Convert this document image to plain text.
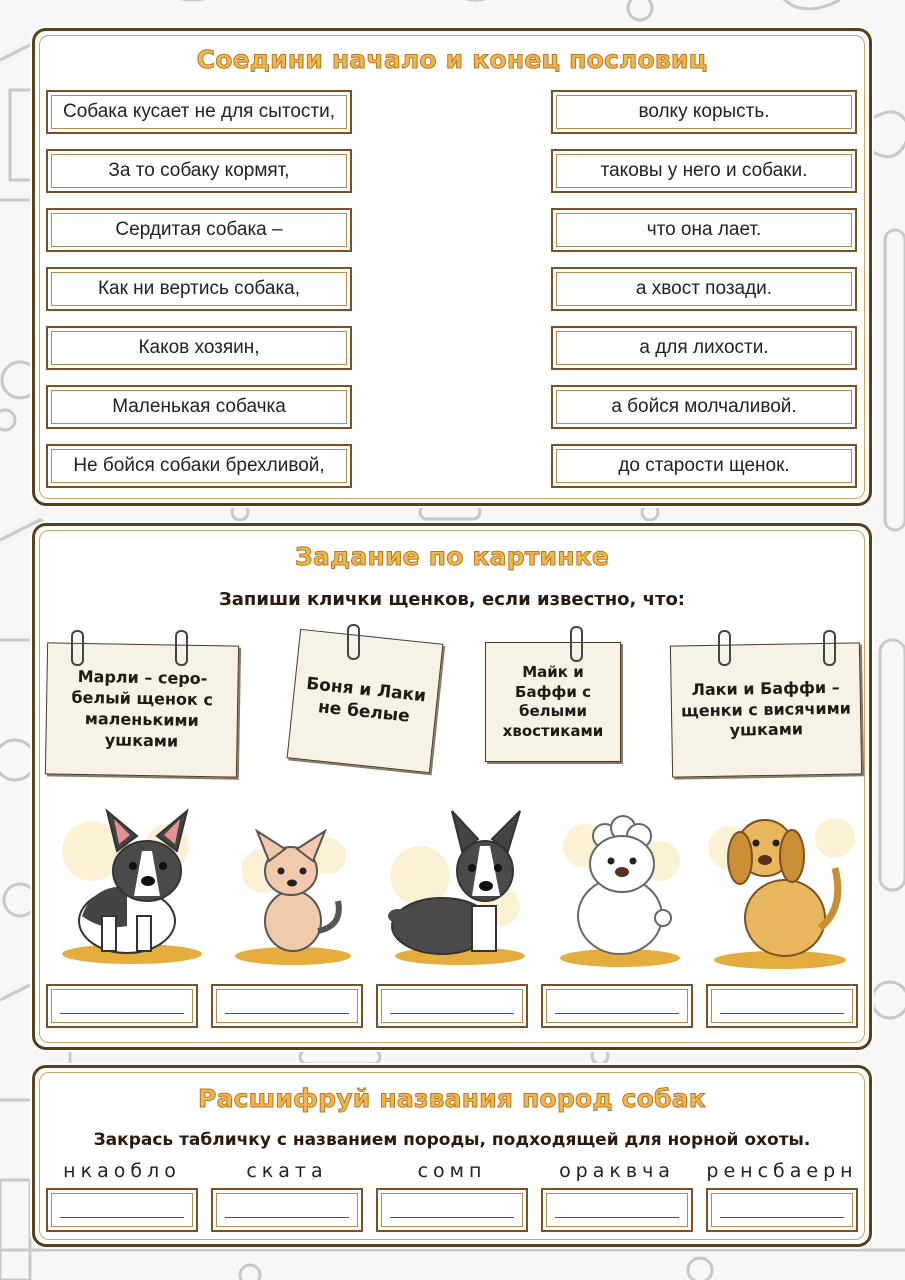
Соедини начало и конец пословиц
Собака кусает не для сытости,
За то собаку кормят,
Сердитая собака –
Как ни вертись собака,
Каков хозяин,
Маленькая собачка
Не бойся собаки брехливой,
волку корысть.
таковы у него и собаки.
что она лает.
а хвост позади.
а для лихости.
а бойся молчаливой.
до старости щенок.
Задание по картинке
Запиши клички щенков, если известно, что:
Марли – серо-белый щенок с маленькими ушками
Боня и Лаки не белые
Майк и Баффи с белыми хвостиками
Лаки и Баффи – щенки с висячими ушками
Расшифруй названия пород собак
Закрась табличку с названием породы, подходящей для норной охоты.
нкаобло	ската	сомп	ораквча	ренсбаерн
